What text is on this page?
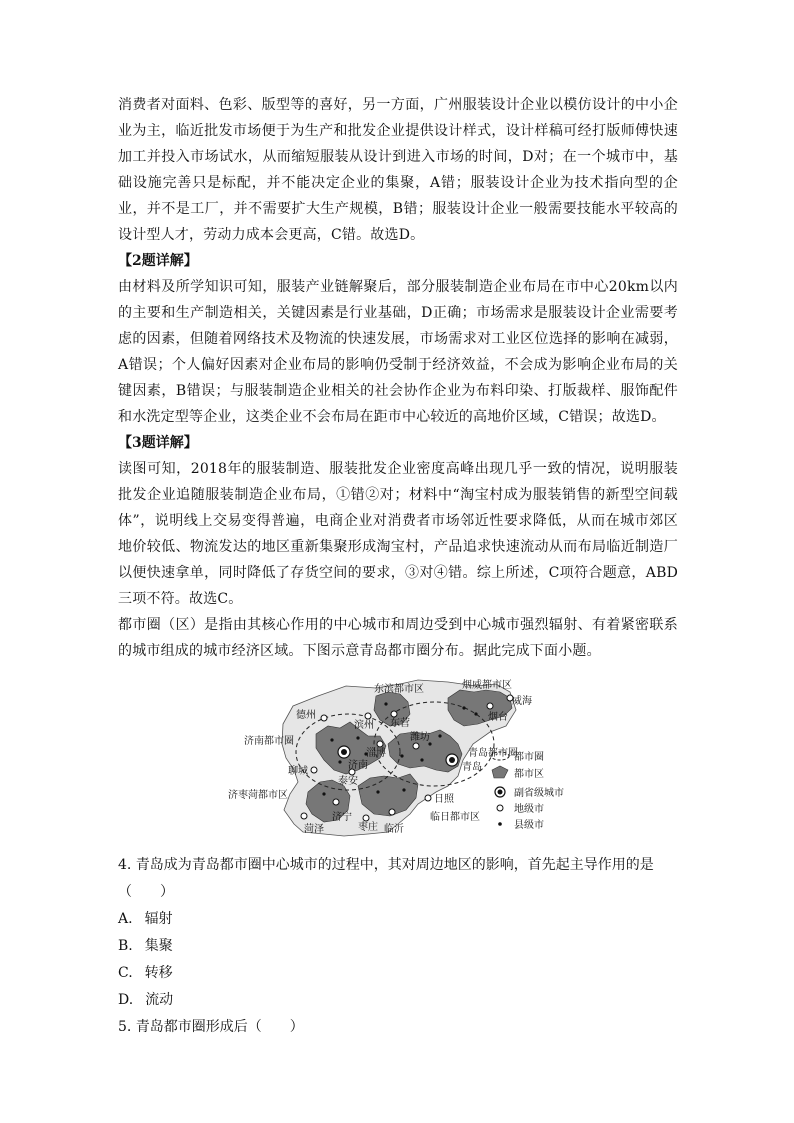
消费者对面料、色彩、版型等的喜好，另一方面，广州服装设计企业以模仿设计的中小企业为主，临近批发市场便于为生产和批发企业提供设计样式，设计样稿可经打版师傅快速加工并投入市场试水，从而缩短服装从设计到进入市场的时间，D对；在一个城市中，基础设施完善只是标配，并不能决定企业的集聚，A错；服装设计企业为技术指向型的企业，并不是工厂，并不需要扩大生产规模，B错；服装设计企业一般需要技能水平较高的设计型人才，劳动力成本会更高，C错。故选D。

【2题详解】

由材料及所学知识可知，服装产业链解聚后，部分服装制造企业布局在市中心20km以内的主要和生产制造相关，关键因素是行业基础，D正确；市场需求是服装设计企业需要考虑的因素，但随着网络技术及物流的快速发展，市场需求对工业区位选择的影响在减弱，A错误；个人偏好因素对企业布局的影响仍受制于经济效益，不会成为影响企业布局的关键因素，B错误；与服装制造企业相关的社会协作企业为布料印染、打版裁样、服饰配件和水洗定型等企业，这类企业不会布局在距市中心较近的高地价区域，C错误；故选D。

【3题详解】

读图可知，2018年的服装制造、服装批发企业密度高峰出现几乎一致的情况，说明服装批发企业追随服装制造企业布局，①错②对；材料中“淘宝村成为服装销售的新型空间载体”，说明线上交易变得普遍，电商企业对消费者市场邻近性要求降低，从而在城市郊区地价较低、物流发达的地区重新集聚形成淘宝村，产品追求快速流动从而布局临近制造厂以便快速拿单，同时降低了存货空间的要求，③对④错。综上所述，C项符合题意，ABD三项不符。故选C。

都市圈（区）是指由其核心作用的中心城市和周边受到中心城市强烈辐射、有着紧密联系的城市组成的城市经济区域。下图示意青岛都市圈分布。据此完成下面小题。

烟威都市区
东滨都市区
威海
烟台
德州
滨州 东营
济南都市圈	潍坊
淄博
济南
青岛都市圈
青岛
聊城
泰安
济枣菏都市区	日照
菏泽
济宁
枣庄 临沂
临日都市区
都市圈
都市区
副省级城市
地级市
县级市

4. 青岛成为青岛都市圈中心城市的过程中，其对周边地区的影响，首先起主导作用的是（　　）

A. 辐射
B. 集聚
C. 转移
D. 流动

5. 青岛都市圈形成后（　　）
